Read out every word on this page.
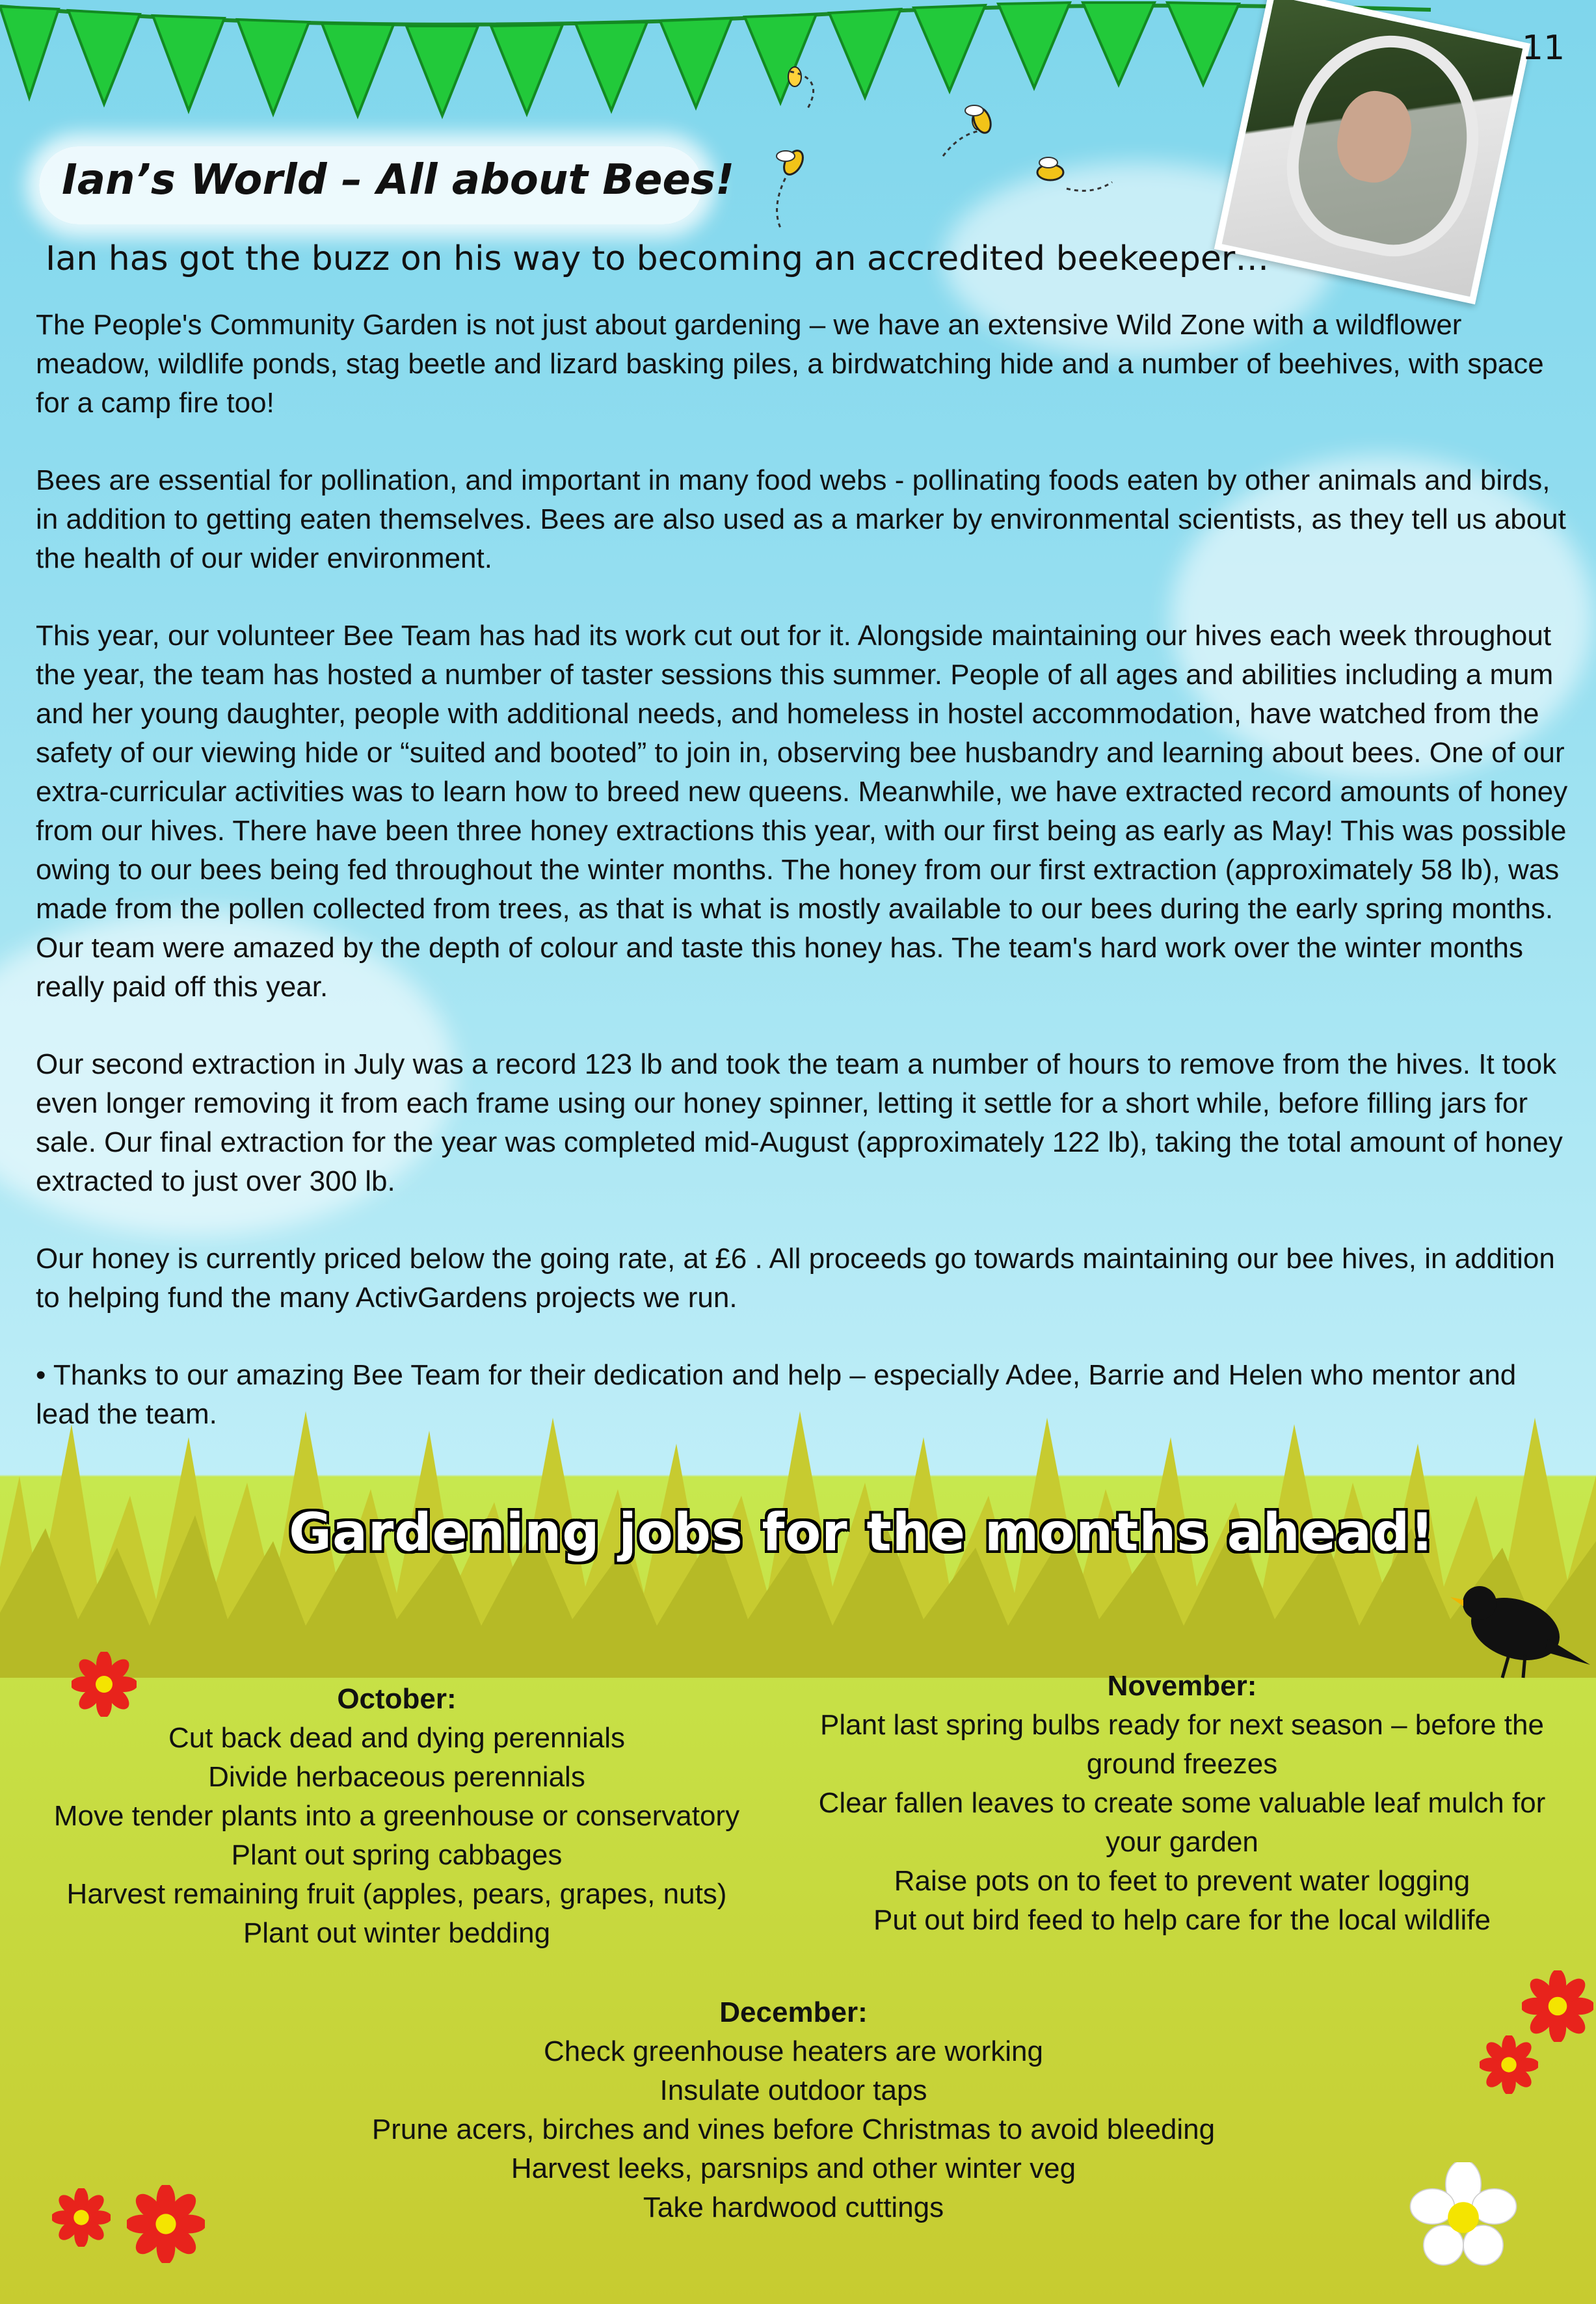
11
Ian’s World – All about Bees!
Ian has got the buzz on his way to becoming an accredited beekeeper…

The People's Community Garden is not just about gardening – we have an extensive Wild Zone with a wildflower meadow, wildlife ponds, stag beetle and lizard basking piles, a birdwatching hide and a number of beehives, with space for a camp fire too!

Bees are essential for pollination, and important in many food webs - pollinating foods eaten by other animals and birds, in addition to getting eaten themselves. Bees are also used as a marker by environmental scientists, as they tell us about the health of our wider environment.

This year, our volunteer Bee Team has had its work cut out for it. Alongside maintaining our hives each week throughout the year, the team has hosted a number of taster sessions this summer. People of all ages and abilities including a mum and her young daughter, people with additional needs, and homeless in hostel accommodation, have watched from the safety of our viewing hide or “suited and booted” to join in, observing bee husbandry and learning about bees. One of our extra-curricular activities was to learn how to breed new queens. Meanwhile, we have extracted record amounts of honey from our hives. There have been three honey extractions this year, with our first being as early as May! This was possible owing to our bees being fed throughout the winter months. The honey from our first extraction (approximately 58 lb), was made from the pollen collected from trees, as that is what is mostly available to our bees during the early spring months. Our team were amazed by the depth of colour and taste this honey has. The team's hard work over the winter months really paid off this year.

Our second extraction in July was a record 123 lb and took the team a number of hours to remove from the hives. It took even longer removing it from each frame using our honey spinner, letting it settle for a short while, before filling jars for sale. Our final extraction for the year was completed mid-August (approximately 122 lb), taking the total amount of honey extracted to just over 300 lb.

Our honey is currently priced below the going rate, at £6 . All proceeds go towards maintaining our bee hives, in addition to helping fund the many ActivGardens projects we run.

• Thanks to our amazing Bee Team for their dedication and help – especially Adee, Barrie and Helen who mentor and lead the team.

Gardening jobs for the months ahead!
October:
Cut back dead and dying perennials
Divide herbaceous perennials
Move tender plants into a greenhouse or conservatory
Plant out spring cabbages
Harvest remaining fruit (apples, pears, grapes, nuts)
Plant out winter bedding
November:
Plant last spring bulbs ready for next season – before the ground freezes
Clear fallen leaves to create some valuable leaf mulch for your garden
Raise pots on to feet to prevent water logging
Put out bird feed to help care for the local wildlife
December:
Check greenhouse heaters are working
Insulate outdoor taps
Prune acers, birches and vines before Christmas to avoid bleeding
Harvest leeks, parsnips and other winter veg
Take hardwood cuttings
